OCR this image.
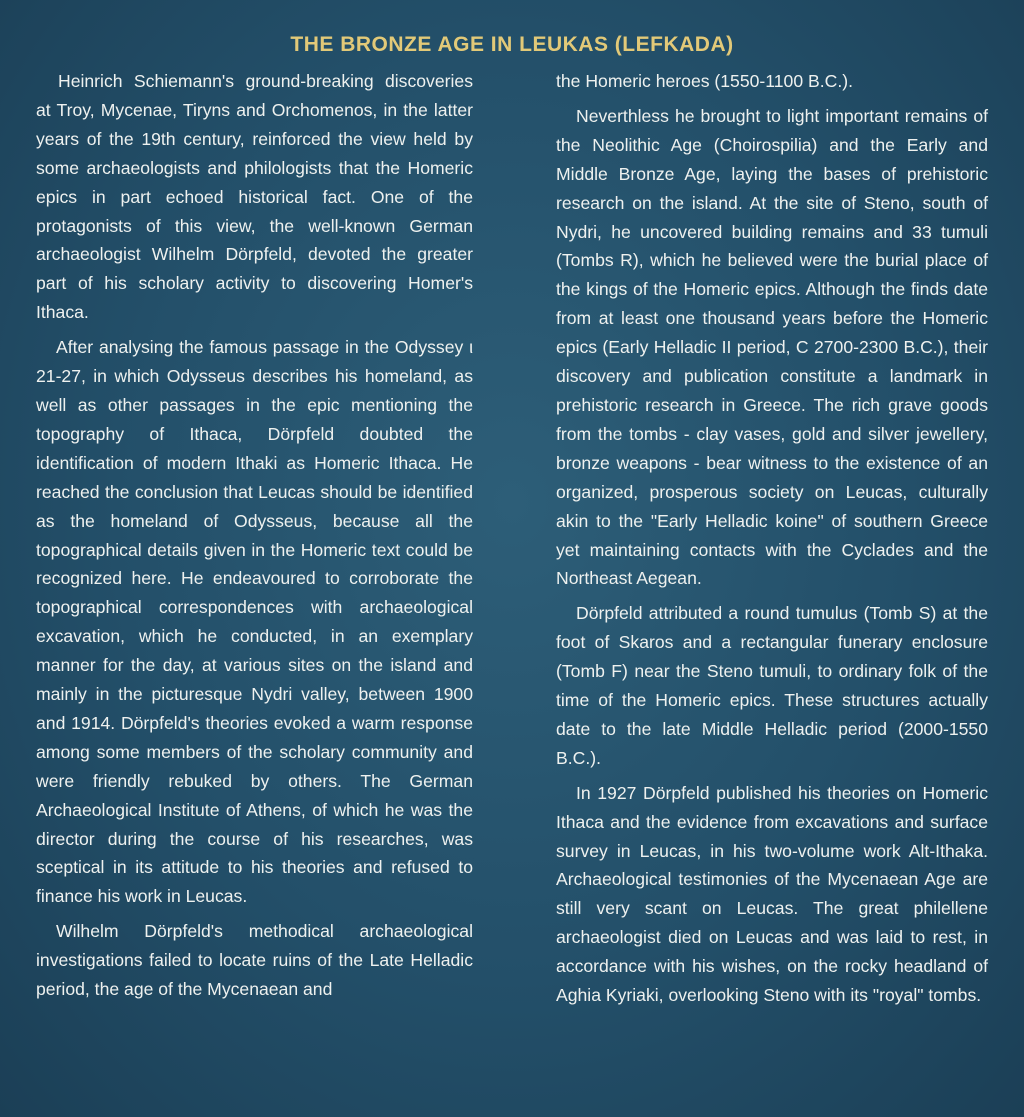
THE BRONZE AGE IN LEUKAS (LEFKADA)

Heinrich Schiemann's ground-breaking discoveries at Troy, Mycenae, Tiryns and Orchomenos, in the latter years of the 19th century, reinforced the view held by some archaeologists and philologists that the Homeric epics in part echoed historical fact. One of the protagonists of this view, the well-known German archaeologist Wilhelm Dörpfeld, devoted the greater part of his scholary activity to discovering Homer's Ithaca.

After analysing the famous passage in the Odyssey ι 21-27, in which Odysseus describes his homeland, as well as other passages in the epic mentioning the topography of Ithaca, Dörpfeld doubted the identification of modern Ithaki as Homeric Ithaca. He reached the conclusion that Leucas should be identified as the homeland of Odysseus, because all the topographical details given in the Homeric text could be recognized here. He endeavoured to corroborate the topographical correspondences with archaeological excavation, which he conducted, in an exemplary manner for the day, at various sites on the island and mainly in the picturesque Nydri valley, between 1900 and 1914. Dörpfeld's theories evoked a warm response among some members of the scholary community and were friendly rebuked by others. The German Archaeological Institute of Athens, of which he was the director during the course of his researches, was sceptical in its attitude to his theories and refused to finance his work in Leucas.

Wilhelm Dörpfeld's methodical archaeological investigations failed to locate ruins of the Late Helladic period, the age of the Mycenaean and

the Homeric heroes (1550-1100 B.C.).

Neverthless he brought to light important remains of the Neolithic Age (Choirospilia) and the Early and Middle Bronze Age, laying the bases of prehistoric research on the island. At the site of Steno, south of Nydri, he uncovered building remains and 33 tumuli (Tombs R), which he believed were the burial place of the kings of the Homeric epics. Although the finds date from at least one thousand years before the Homeric epics (Early Helladic II period, C 2700-2300 B.C.), their discovery and publication constitute a landmark in prehistoric research in Greece. The rich grave goods from the tombs - clay vases, gold and silver jewellery, bronze weapons - bear witness to the existence of an organized, prosperous society on Leucas, culturally akin to the "Early Helladic koine" of southern Greece yet maintaining contacts with the Cyclades and the Northeast Aegean.

Dörpfeld attributed a round tumulus (Tomb S) at the foot of Skaros and a rectangular funerary enclosure (Tomb F) near the Steno tumuli, to ordinary folk of the time of the Homeric epics. These structures actually date to the late Middle Helladic period (2000-1550 B.C.).

In 1927 Dörpfeld published his theories on Homeric Ithaca and the evidence from excavations and surface survey in Leucas, in his two-volume work Alt-Ithaka. Archaeological testimonies of the Mycenaean Age are still very scant on Leucas. The great philellene archaeologist died on Leucas and was laid to rest, in accordance with his wishes, on the rocky headland of Aghia Kyriaki, overlooking Steno with its "royal" tombs.
